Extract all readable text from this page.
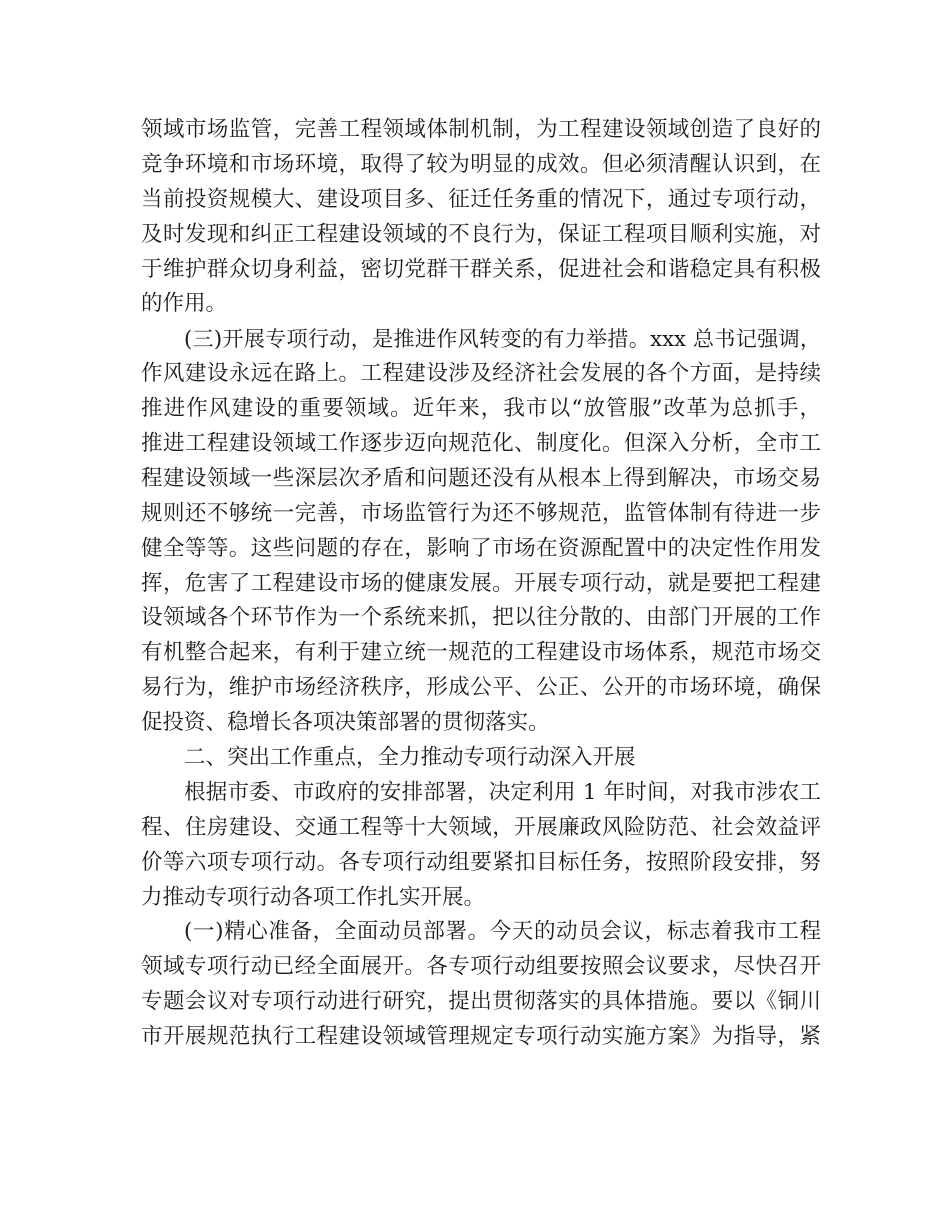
领域市场监管，完善工程领域体制机制，为工程建设领域创造了良好的
竞争环境和市场环境，取得了较为明显的成效。但必须清醒认识到，在
当前投资规模大、建设项目多、征迁任务重的情况下，通过专项行动，
及时发现和纠正工程建设领域的不良行为，保证工程项目顺利实施，对
于维护群众切身利益，密切党群干群关系，促进社会和谐稳定具有积极
的作用。
(三)开展专项行动，是推进作风转变的有力举措。xxx 总书记强调，
作风建设永远在路上。工程建设涉及经济社会发展的各个方面，是持续
推进作风建设的重要领域。近年来，我市以“放管服”改革为总抓手，
推进工程建设领域工作逐步迈向规范化、制度化。但深入分析，全市工
程建设领域一些深层次矛盾和问题还没有从根本上得到解决，市场交易
规则还不够统一完善，市场监管行为还不够规范，监管体制有待进一步
健全等等。这些问题的存在，影响了市场在资源配置中的决定性作用发
挥，危害了工程建设市场的健康发展。开展专项行动，就是要把工程建
设领域各个环节作为一个系统来抓，把以往分散的、由部门开展的工作
有机整合起来，有利于建立统一规范的工程建设市场体系，规范市场交
易行为，维护市场经济秩序，形成公平、公正、公开的市场环境，确保
促投资、稳增长各项决策部署的贯彻落实。
二、突出工作重点，全力推动专项行动深入开展
根据市委、市政府的安排部署，决定利用 1 年时间，对我市涉农工
程、住房建设、交通工程等十大领域，开展廉政风险防范、社会效益评
价等六项专项行动。各专项行动组要紧扣目标任务，按照阶段安排，努
力推动专项行动各项工作扎实开展。
(一)精心准备，全面动员部署。今天的动员会议，标志着我市工程
领域专项行动已经全面展开。各专项行动组要按照会议要求，尽快召开
专题会议对专项行动进行研究，提出贯彻落实的具体措施。要以《铜川
市开展规范执行工程建设领域管理规定专项行动实施方案》为指导，紧
